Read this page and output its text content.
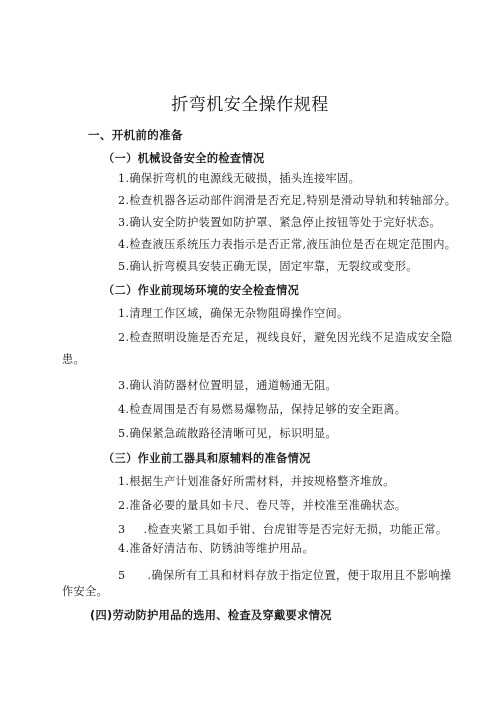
折弯机安全操作规程
一、开机前的准备
（一）机械设备安全的检查情况
1.确保折弯机的电源线无破损，插头连接牢固。
2.检查机器各运动部件润滑是否充足,特别是滑动导轨和转轴部分。
3.确认安全防护装置如防护罩、紧急停止按钮等处于完好状态。
4.检查液压系统压力表指示是否正常,液压油位是否在规定范围内。
5.确认折弯模具安装正确无误，固定牢靠，无裂纹或变形。
（二）作业前现场环境的安全检查情况
1.清理工作区域，确保无杂物阻碍操作空间。
2.检查照明设施是否充足，视线良好，避免因光线不足造成安全隐
患。
3.确认消防器材位置明显，通道畅通无阻。
4.检查周围是否有易燃易爆物品，保持足够的安全距离。
5.确保紧急疏散路径清晰可见，标识明显。
（三）作业前工器具和原辅料的准备情况
1.根据生产计划准备好所需材料，并按规格整齐堆放。
2.准备必要的量具如卡尺、卷尺等，并校准至准确状态。
3 .检查夹紧工具如手钳、台虎钳等是否完好无损，功能正常。
4.准备好清洁布、防锈油等维护用品。
5 .确保所有工具和材料存放于指定位置，便于取用且不影响操
作安全。
(四)劳动防护用品的选用、检查及穿戴要求情况
